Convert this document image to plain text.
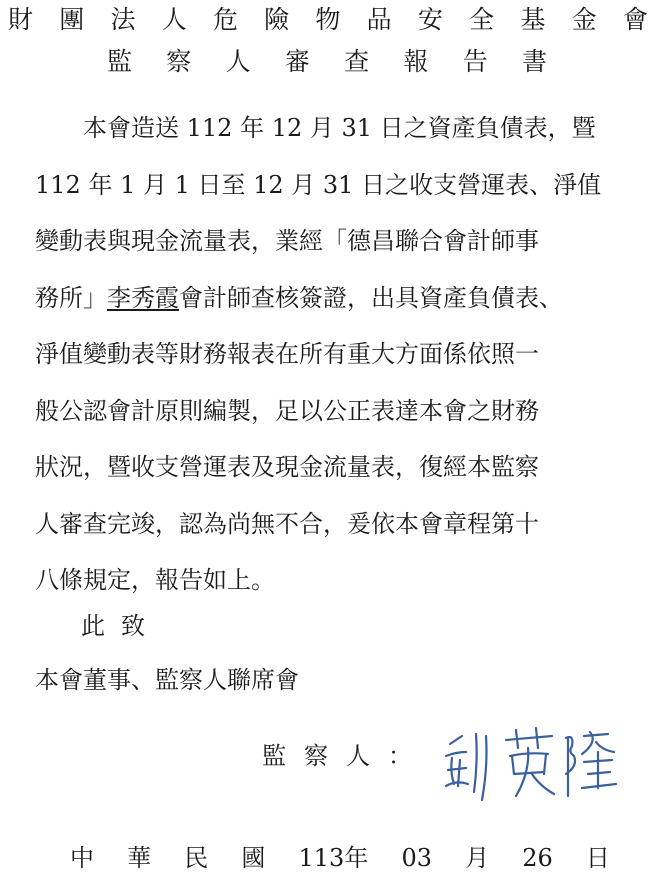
財 團 法 人 危 險 物 品 安 全 基 金 會
監 察 人 審 查 報 告 書
本會造送 112 年 12 月 31 日之資產負債表，暨
112 年 1 月 1 日至 12 月 31 日之收支營運表、淨值
變動表與現金流量表，業經「德昌聯合會計師事
務所」李秀霞會計師查核簽證，出具資產負債表、
淨值變動表等財務報表在所有重大方面係依照一
般公認會計原則編製，足以公正表達本會之財務
狀況，暨收支營運表及現金流量表，復經本監察
人審查完竣，認為尚無不合，爰依本會章程第十
八條規定，報告如上。
此致
本會董事、監察人聯席會
監察人：
中 華 民 國 113年 03 月 26 日
